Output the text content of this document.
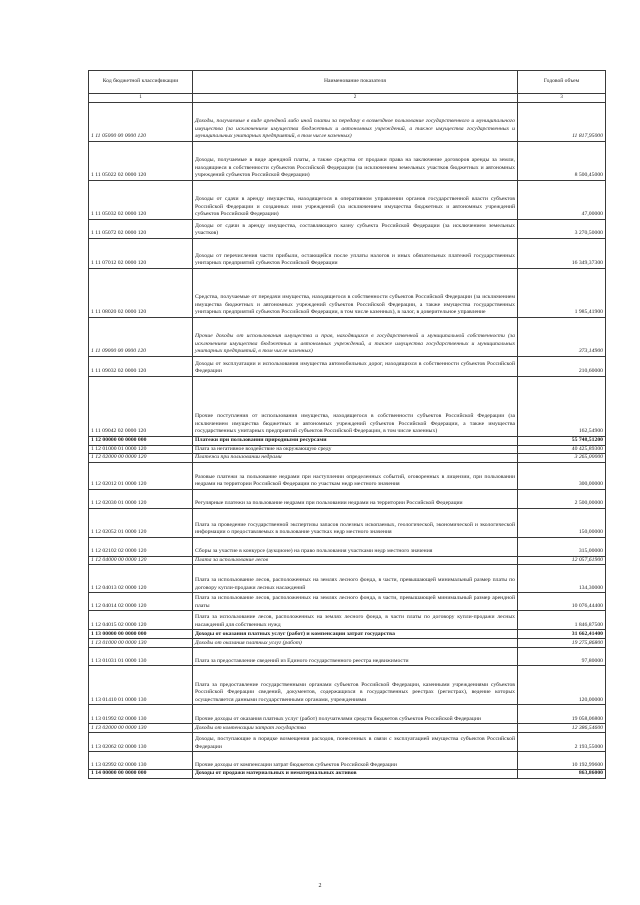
Код бюджетной классификации	Наименование показателя	Годовой объем
1	2	3
1 11 05000 00 0000 120	Доходы, получаемые в виде арендной либо иной платы за передачу в возмездное пользование государственного и муниципального имущества (за исключением имущества бюджетных и автономных учреждений, а также имущества государственных и муниципальных унитарных предприятий, в том числе казенных)	11 817,95000
1 11 05022 02 0000 120	Доходы, получаемые в виде арендной платы, а также средства от продажи права на заключение договоров аренды за земли, находящиеся в собственности субъектов Российской Федерации (за исключением земельных участков бюджетных и автономных учреждений субъектов Российской Федерации)	8 500,45000
1 11 05032 02 0000 120	Доходы от сдачи в аренду имущества, находящегося в оперативном управлении органов государственной власти субъектов Российской Федерации и созданных ими учреждений (за исключением имущества бюджетных и автономных учреждений субъектов Российской Федерации)	47,00000
1 11 05072 02 0000 120	Доходы от сдачи в аренду имущества, составляющего казну субъекта Российской Федерации (за исключением земельных участков)	3 270,50000
1 11 07012 02 0000 120	Доходы от перечисления части прибыли, остающейся после уплаты налогов и иных обязательных платежей государственных унитарных предприятий субъектов Российской Федерации	16 349,37300
1 11 08020 02 0000 120	Средства, получаемые от передачи имущества, находящегося в собственности субъектов Российской Федерации (за исключением имущества бюджетных и автономных учреждений субъектов Российской Федерации, а также имущества государственных унитарных предприятий субъектов Российской Федерации, в том числе казенных), в залог, в доверительное управление	1 985,41900
1 11 09000 00 0000 120	Прочие доходы от использования имущества и прав, находящихся в государственной и муниципальной собственности (за исключением имущества бюджетных и автономных учреждений, а также имущества государственных и муниципальных унитарных предприятий, в том числе казенных)	373,14900
1 11 09032 02 0000 120	Доходы от эксплуатации и использования имущества автомобильных дорог, находящихся в собственности субъектов Российской Федерации	210,60000
1 11 09042 02 0000 120	Прочие поступления от использования имущества, находящегося в собственности субъектов Российской Федерации (за исключением имущества бюджетных и автономных учреждений субъектов Российской Федерации, а также имущества государственных унитарных предприятий субъектов Российской Федерации, в том числе казенных)	162,54900
1 12 00000 00 0000 000	Платежи при пользовании природными ресурсами	55 748,51200
1 12 01000 01 0000 120	Плата за негативное воздействие на окружающую среду	40 425,89300
1 12 02000 00 0000 120	Платежи при пользовании недрами	3 265,00000
1 12 02012 01 0000 120	Разовые платежи за пользование недрами при наступлении определенных событий, оговоренных в лицензии, при пользовании недрами на территории Российской Федерации по участкам недр местного значения	300,00000
1 12 02030 01 0000 120	Регулярные платежи за пользование недрами при пользовании недрами на территории Российской Федерации	2 500,00000
1 12 02052 01 0000 120	Плата за проведение государственной экспертизы запасов полезных ископаемых, геологической, экономической и экологической информации о предоставляемых в пользование участках недр местного значения	150,00000
1 12 02102 02 0000 120	Сборы за участие в конкурсе (аукционе) на право пользования участками недр местного значения	315,00000
1 12 04000 00 0000 120	Плата за использование лесов	12 057,61900
1 12 04013 02 0000 120	Плата за использование лесов, расположенных на землях лесного фонда, в части, превышающей минимальный размер платы по договору купли-продажи лесных насаждений	134,30000
1 12 04014 02 0000 120	Плата за использование лесов, расположенных на землях лесного фонда, в части, превышающей минимальный размер арендной платы	10 076,44400
1 12 04015 02 0000 120	Плата за использование лесов, расположенных на землях лесного фонда, в части платы по договору купли-продажи лесных насаждений для собственных нужд	1 846,87500
1 13 00000 00 0000 000	Доходы от оказания платных услуг (работ) и компенсации затрат государства	31 662,41400
1 13 01000 00 0000 130	Доходы от оказания платных услуг (работ)	19 275,86800
1 13 01031 01 0000 130	Плата за предоставление сведений из Единого государственного реестра недвижимости	97,80000
1 13 01410 01 0000 130	Плата за предоставление государственными органами субъектов Российской Федерации, казенными учреждениями субъектов Российской Федерации сведений, документов, содержащихся в государственных реестрах (регистрах), ведение которых осуществляется данными государственными органами, учреждениями	120,00000
1 13 01992 02 0000 130	Прочие доходы от оказания платных услуг (работ) получателями средств бюджетов субъектов Российской Федерации	19 058,06800
1 13 02000 00 0000 130	Доходы от компенсации затрат государства	12 386,54600
1 13 02062 02 0000 130	Доходы, поступающие в порядке возмещения расходов, понесенных в связи с эксплуатацией имущества субъектов Российской Федерации	2 193,55000
1 13 02992 02 0000 130	Прочие доходы от компенсации затрат бюджетов субъектов Российской Федерации	10 192,99600
1 14 00000 00 0000 000	Доходы от продажи материальных и нематериальных активов	863,86000
2
